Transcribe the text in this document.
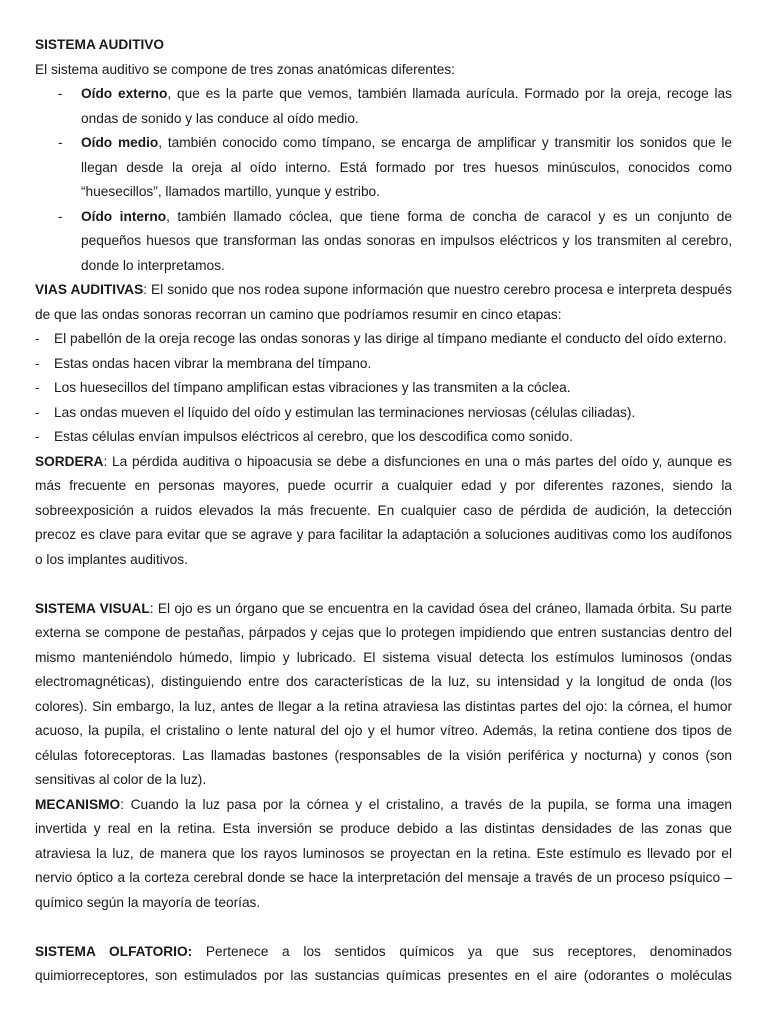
SISTEMA AUDITIVO

El sistema auditivo se compone de tres zonas anatómicas diferentes:

- Oído externo, que es la parte que vemos, también llamada aurícula. Formado por la oreja, recoge las ondas de sonido y las conduce al oído medio.
- Oído medio, también conocido como tímpano, se encarga de amplificar y transmitir los sonidos que le llegan desde la oreja al oído interno. Está formado por tres huesos minúsculos, conocidos como “huesecillos”, llamados martillo, yunque y estribo.
- Oído interno, también llamado cóclea, que tiene forma de concha de caracol y es un conjunto de pequeños huesos que transforman las ondas sonoras en impulsos eléctricos y los transmiten al cerebro, donde lo interpretamos.

VIAS AUDITIVAS: El sonido que nos rodea supone información que nuestro cerebro procesa e interpreta después de que las ondas sonoras recorran un camino que podríamos resumir en cinco etapas:

- El pabellón de la oreja recoge las ondas sonoras y las dirige al tímpano mediante el conducto del oído externo.
- Estas ondas hacen vibrar la membrana del tímpano.
- Los huesecillos del tímpano amplifican estas vibraciones y las transmiten a la cóclea.
- Las ondas mueven el líquido del oído y estimulan las terminaciones nerviosas (células ciliadas).
- Estas células envían impulsos eléctricos al cerebro, que los descodifica como sonido.

SORDERA: La pérdida auditiva o hipoacusia se debe a disfunciones en una o más partes del oído y, aunque es más frecuente en personas mayores, puede ocurrir a cualquier edad y por diferentes razones, siendo la sobreexposición a ruidos elevados la más frecuente. En cualquier caso de pérdida de audición, la detección precoz es clave para evitar que se agrave y para facilitar la adaptación a soluciones auditivas como los audífonos o los implantes auditivos.

SISTEMA VISUAL: El ojo es un órgano que se encuentra en la cavidad ósea del cráneo, llamada órbita. Su parte externa se compone de pestañas, párpados y cejas que lo protegen impidiendo que entren sustancias dentro del mismo manteniéndolo húmedo, limpio y lubricado. El sistema visual detecta los estímulos luminosos (ondas electromagnéticas), distinguiendo entre dos características de la luz, su intensidad y la longitud de onda (los colores). Sin embargo, la luz, antes de llegar a la retina atraviesa las distintas partes del ojo: la córnea, el humor acuoso, la pupila, el cristalino o lente natural del ojo y el humor vítreo. Además, la retina contiene dos tipos de células fotoreceptoras. Las llamadas bastones (responsables de la visión periférica y nocturna) y conos (son sensitivas al color de la luz).

MECANISMO: Cuando la luz pasa por la córnea y el cristalino, a través de la pupila, se forma una imagen invertida y real en la retina. Esta inversión se produce debido a las distintas densidades de las zonas que atraviesa la luz, de manera que los rayos luminosos se proyectan en la retina. Este estímulo es llevado por el nervio óptico a la corteza cerebral donde se hace la interpretación del mensaje a través de un proceso psíquico – químico según la mayoría de teorías.

SISTEMA OLFATORIO: Pertenece a los sentidos químicos ya que sus receptores, denominados quimiorreceptores, son estimulados por las sustancias químicas presentes en el aire (odorantes o moléculas
